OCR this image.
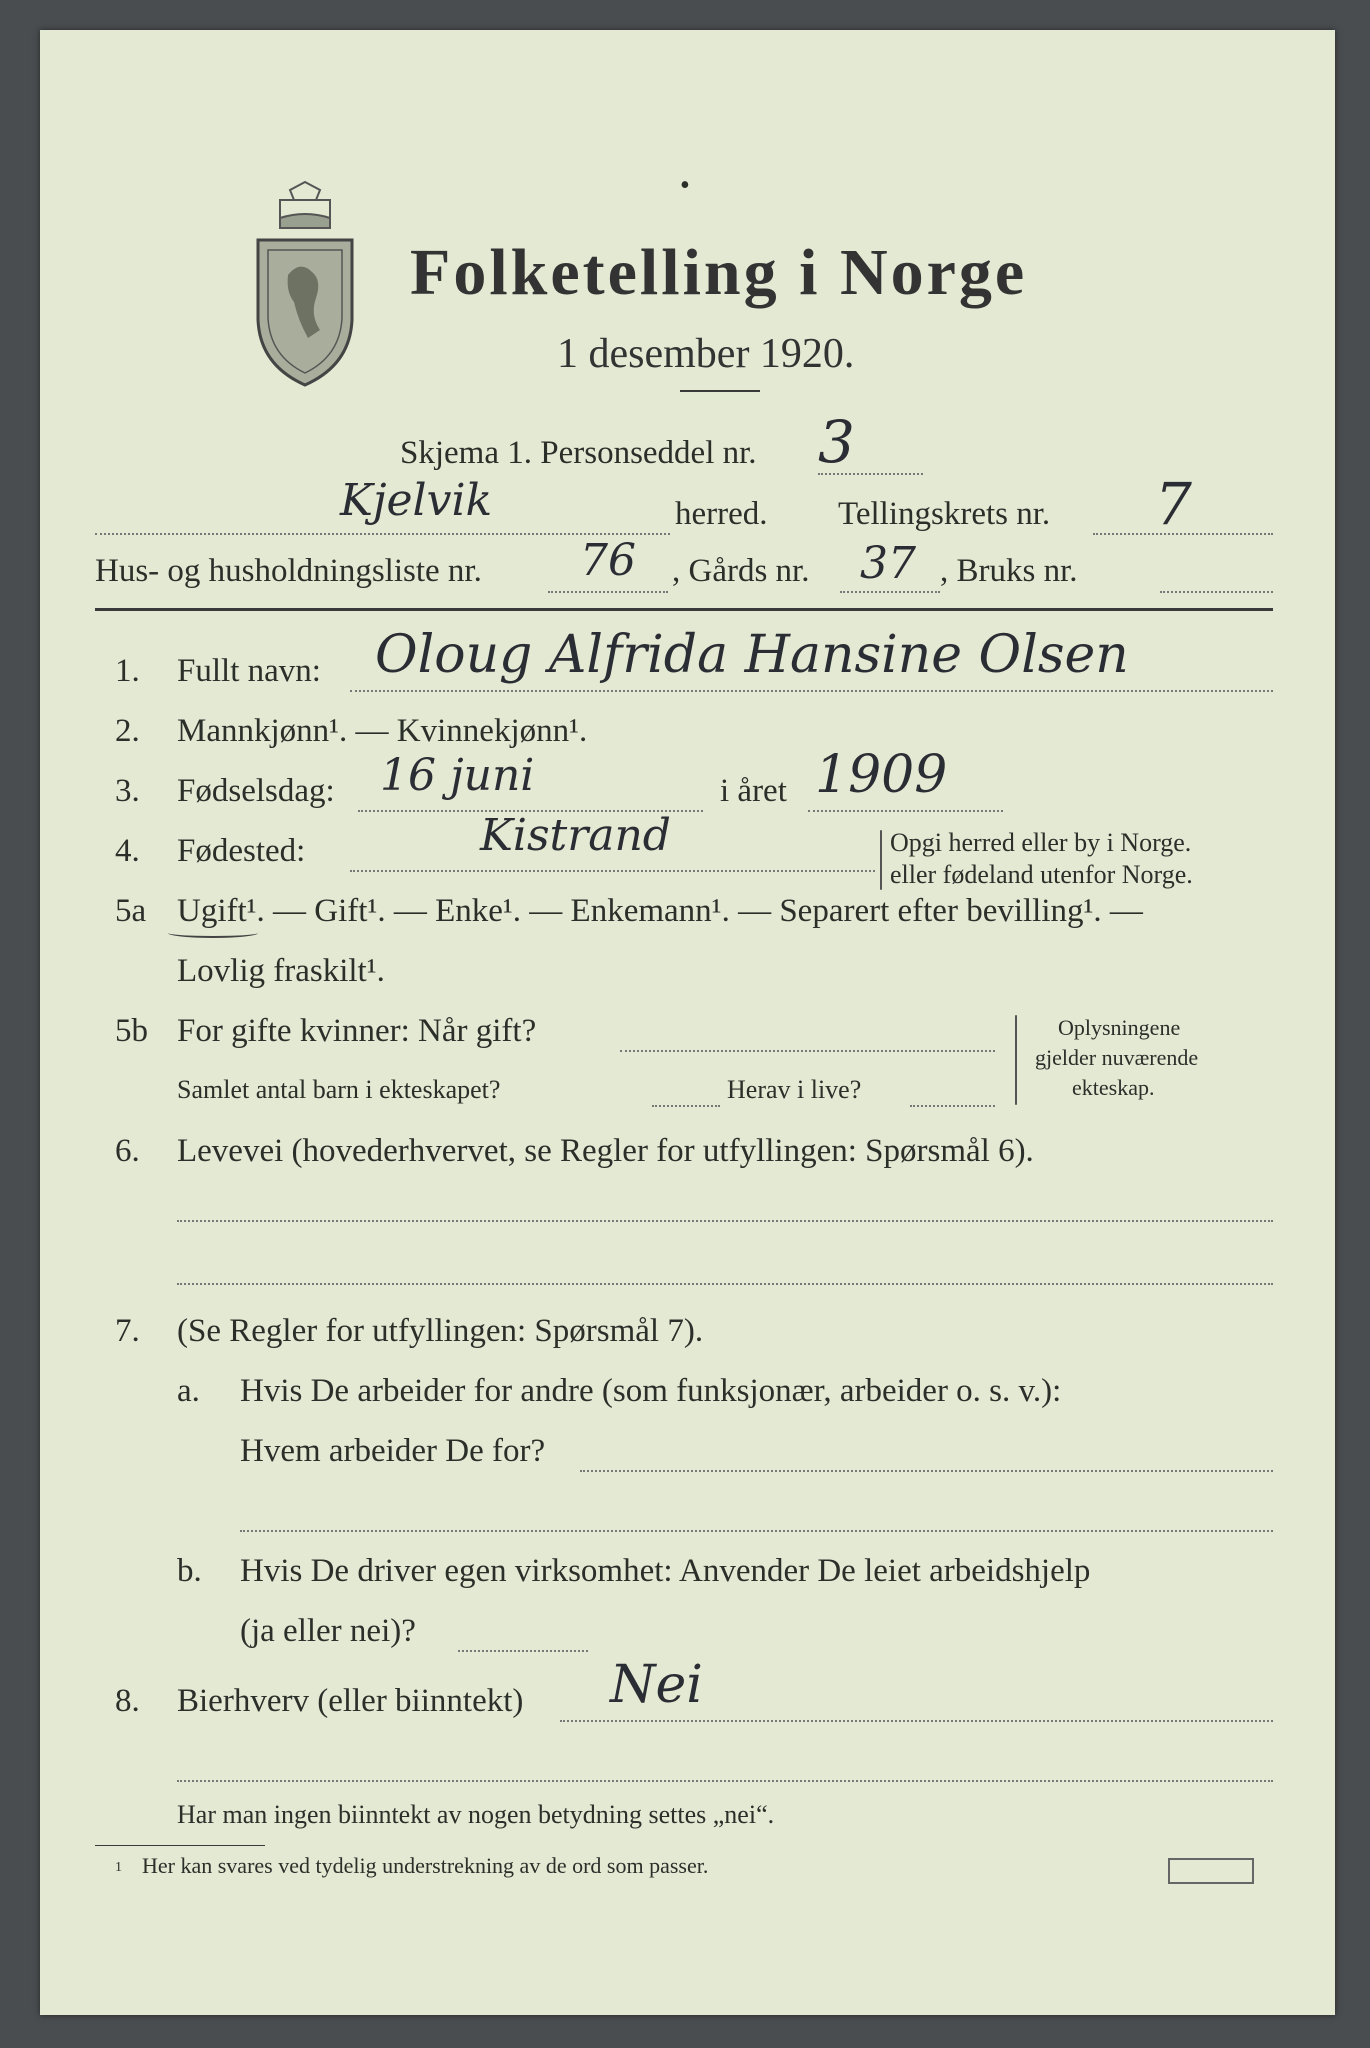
Folketelling i Norge
1 desember 1920.
•
Skjema 1. Personseddel nr. 3
Kjelvik	herred. Tellingskrets nr. 7
Hus- og husholdningsliste nr. 76 , Gårds nr. 37 , Bruks nr.
1. Fullt navn: Oloug Alfrida Hansine Olsen
2. Mannkjønn¹. — Kvinnekjønn¹.
3. Fødselsdag: 16 juni	i året 1909
4. Fødested:	Kistrand	Opgi herred eller by i Norge.
eller fødeland utenfor Norge.
5a Ugift¹. — Gift¹. — Enke¹. — Enkemann¹. — Separert efter bevilling¹. —
Lovlig fraskilt¹.
5b For gifte kvinner: Når gift?
Samlet antal barn i ekteskapet?	Herav i live?
Oplysningene
gjelder nuværende
ekteskap.
6. Levevei (hovederhvervet, se Regler for utfyllingen: Spørsmål 6).
7. (Se Regler for utfyllingen: Spørsmål 7).
a. Hvis De arbeider for andre (som funksjonær, arbeider o. s. v.):
Hvem arbeider De for?
b. Hvis De driver egen virksomhet: Anvender De leiet arbeidshjelp
(ja eller nei)?
8. Bierhverv (eller biinntekt) Nei
Har man ingen biinntekt av nogen betydning settes „nei“.
1 Her kan svares ved tydelig understrekning av de ord som passer.
